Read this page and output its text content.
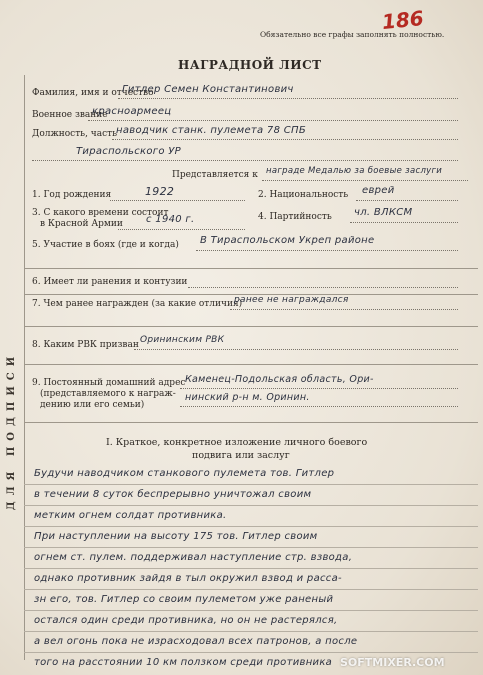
Обязательно все графы заполнять полностью.
186
НАГРАДНОЙ ЛИСТ
ДЛЯ ПОДПИСИ
Фамилия, имя и отчество
Гитлер Семен Константинович
Военное звание
красноармеец
Должность, часть
наводчик станк. пулемета 78 СПБ
Тираспольского УР
Представляется к награде Медалью за боевые заслуги
1. Год рождения	1922	2. Национальность еврей
3. С какого времени состоит
в Красной Армии с 1940 г.	4. Партийность чл. ВЛКСМ
5. Участие в боях (где и когда) В Тираспольском Укреп районе
6. Имеет ли ранения и контузии
7. Чем ранее награжден (за какие отличия)
ранее не награждался
8. Каким РВК призван Орининским РВК
9. Постоянный домашний адрес
(представляемого к награж-
дению или его семьи)
Каменец-Подольская область, Ори-
нинский р-н м. Оринин.
I. Краткое, конкретное изложение личного боевого
подвига или заслуг
Будучи наводчиком станкового пулемета тов. Гитлер
в течении 8 суток беспрерывно уничтожал своим
метким огнем солдат противника.
При наступлении на высоту 175 тов. Гитлер своим
огнем ст. пулем. поддерживал наступление стр. взвода,
однако противник зайдя в тыл окружил взвод и расса-
зн его, тов. Гитлер со своим пулеметом уже раненый
остался один среди противника, но он не растерялся,
а вел огонь пока не израсходовал всех патронов, а после
того на расстоянии 10 км ползком среди противника SOFTMIXER.COM
